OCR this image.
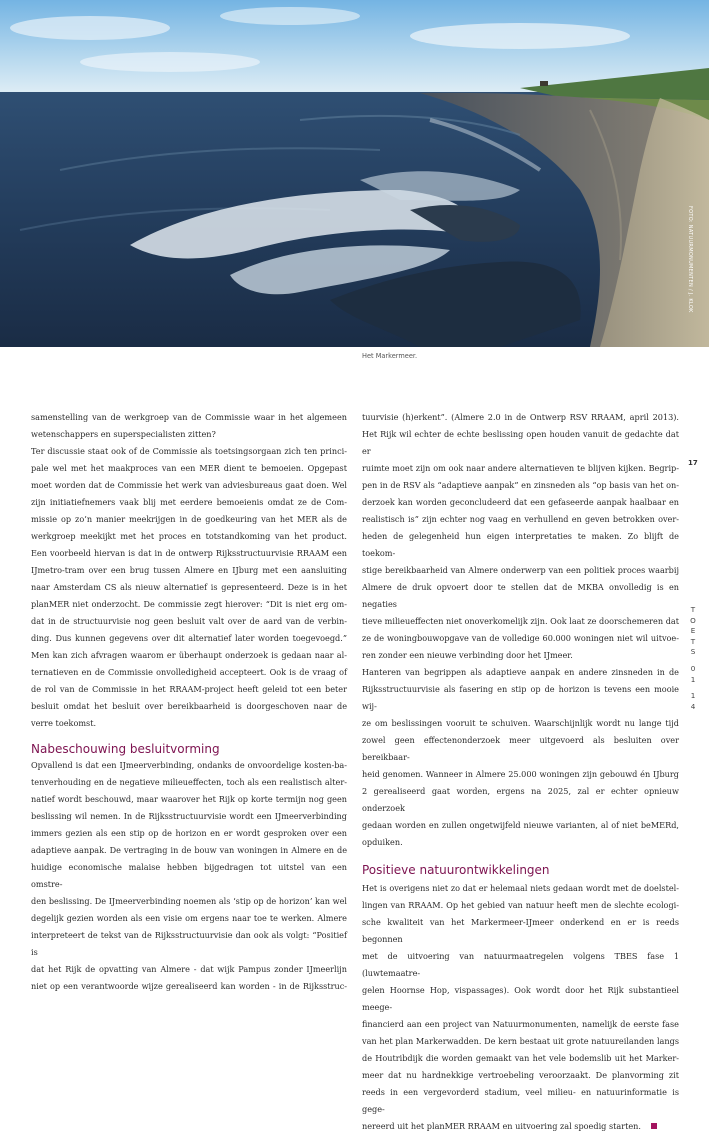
FOTO: NATUURMONUMENTEN / J. KLOK
Het Markermeer.
17
T
O
E
T
S
0
1
1
4

samenstelling van de werkgroep van de Commissie waar in het algemeen

wetenschappers en superspecialisten zitten?

Ter discussie staat ook of de Commissie als toetsingsorgaan zich ten princi-

pale wel met het maakproces van een MER dient te bemoeien. Opgepast

moet worden dat de Commissie het werk van adviesbureaus gaat doen. Wel

zijn initiatiefnemers vaak blij met eerdere bemoeienis omdat ze de Com-

missie op zo’n manier meekrijgen in de goedkeuring van het MER als de

werkgroep meekijkt met het proces en totstandkoming van het product.

Een voorbeeld hiervan is dat in de ontwerp Rijksstructuurvisie RRAAM een

IJmetro-tram over een brug tussen Almere en IJburg met een aansluiting

naar Amsterdam CS als nieuw alternatief is gepresenteerd. Deze is in het

planMER niet onderzocht. De commissie zegt hierover: “Dit is niet erg om-

dat in de structuurvisie nog geen besluit valt over de aard van de verbin-

ding. Dus kunnen gegevens over dit alternatief later worden toegevoegd.”

Men kan zich afvragen waarom er überhaupt onderzoek is gedaan naar al-

ternatieven en de Commissie onvolledigheid accepteert. Ook is de vraag of

de rol van de Commissie in het RRAAM-project heeft geleid tot een beter

besluit omdat het besluit over bereikbaarheid is doorgeschoven naar de

verre toekomst.

Nabeschouwing besluitvorming

Opvallend is dat een IJmeerverbinding, ondanks de onvoordelige kosten-ba-

tenverhouding en de negatieve milieueffecten, toch als een realistisch alter-

natief wordt beschouwd, maar waarover het Rijk op korte termijn nog geen

beslissing wil nemen. In de Rijksstructuurvisie wordt een IJmeerverbinding

immers gezien als een stip op de horizon en er wordt gesproken over een

adaptieve aanpak. De vertraging in de bouw van woningen in Almere en de

huidige economische malaise hebben bijgedragen tot uitstel van een omstre-

den beslissing. De IJmeerverbinding noemen als ‘stip op de horizon’ kan wel

degelijk gezien worden als een visie om ergens naar toe te werken. Almere

interpreteert de tekst van de Rijksstructuurvisie dan ook als volgt: “Positief is

dat het Rijk de opvatting van Almere - dat wijk Pampus zonder IJmeerlijn

niet op een verantwoorde wijze gerealiseerd kan worden - in de Rijksstruc-

tuurvisie (h)erkent”. (Almere 2.0 in de Ontwerp RSV RRAAM, april 2013).

Het Rijk wil echter de echte beslissing open houden vanuit de gedachte dat er

ruimte moet zijn om ook naar andere alternatieven te blijven kijken. Begrip-

pen in de RSV als “adaptieve aanpak” en zinsneden als “op basis van het on-

derzoek kan worden geconcludeerd dat een gefaseerde aanpak haalbaar en

realistisch is” zijn echter nog vaag en verhullend en geven betrokken over-

heden de gelegenheid hun eigen interpretaties te maken. Zo blijft de toekom-

stige bereikbaarheid van Almere onderwerp van een politiek proces waarbij

Almere de druk opvoert door te stellen dat de MKBA onvolledig is en negaties

tieve milieueffecten niet onoverkomelijk zijn. Ook laat ze doorschemeren dat

ze de woningbouwopgave van de volledige 60.000 woningen niet wil uitvoe-

ren zonder een nieuwe verbinding door het IJmeer.

Hanteren van begrippen als adaptieve aanpak en andere zinsneden in de

Rijksstructuurvisie als fasering en stip op de horizon is tevens een mooie wij-

ze om beslissingen vooruit te schuiven. Waarschijnlijk wordt nu lange tijd

zowel geen effectenonderzoek meer uitgevoerd als besluiten over bereikbaar-

heid genomen. Wanneer in Almere 25.000 woningen zijn gebouwd én IJburg

2 gerealiseerd gaat worden, ergens na 2025, zal er echter opnieuw onderzoek

gedaan worden en zullen ongetwijfeld nieuwe varianten, al of niet beMERd,

opduiken.

Positieve natuurontwikkelingen

Het is overigens niet zo dat er helemaal niets gedaan wordt met de doelstel-

lingen van RRAAM. Op het gebied van natuur heeft men de slechte ecologi-

sche kwaliteit van het Markermeer-IJmeer onderkend en er is reeds begonnen

met de uitvoering van natuurmaatregelen volgens TBES fase 1 (luwtemaatre-

gelen Hoornse Hop, vispassages). Ook wordt door het Rijk substantieel meege-

financierd aan een project van Natuurmonumenten, namelijk de eerste fase

van het plan Markerwadden. De kern bestaat uit grote natuureilanden langs

de Houtribdijk die worden gemaakt van het vele bodemslib uit het Marker-

meer dat nu hardnekkige vertroebeling veroorzaakt. De planvorming zit

reeds in een vergevorderd stadium, veel milieu- en natuurinformatie is gege-

nereerd uit het planMER RRAAM en uitvoering zal spoedig starten.
